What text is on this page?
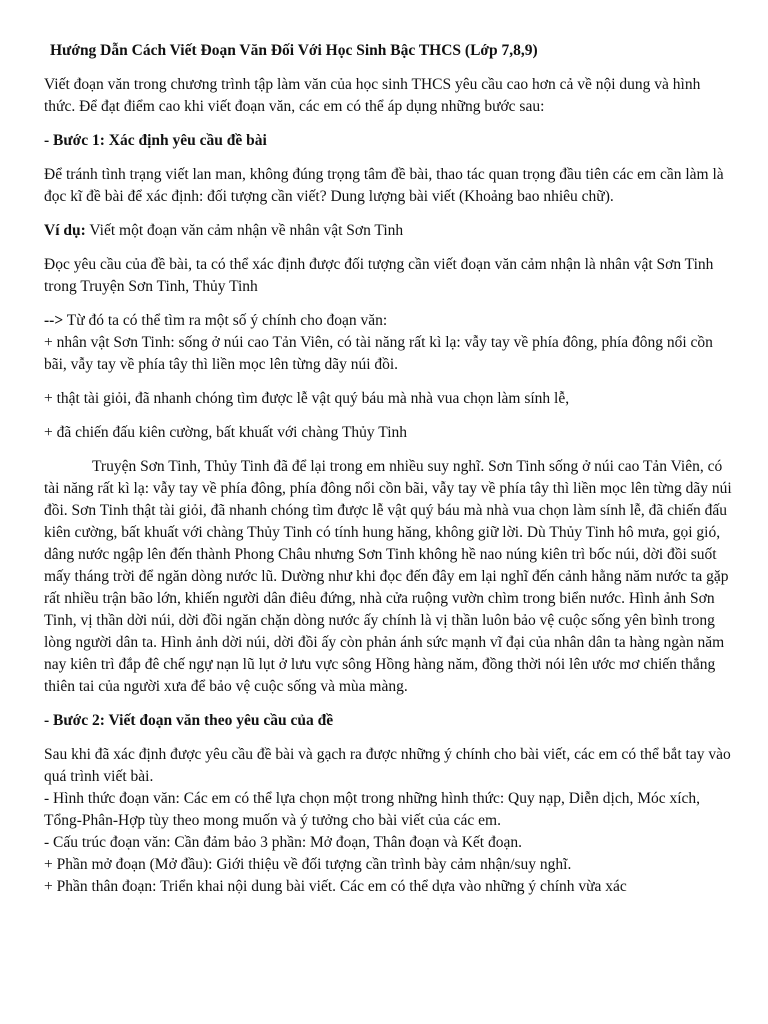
Hướng Dẫn Cách Viết Đoạn Văn Đối Với Học Sinh Bậc THCS (Lớp 7,8,9)

Viết đoạn văn trong chương trình tập làm văn của học sinh THCS yêu cầu cao hơn cả về nội dung và hình thức. Để đạt điểm cao khi viết đoạn văn, các em có thể áp dụng những bước sau:

- Bước 1: Xác định yêu cầu đề bài

Để tránh tình trạng viết lan man, không đúng trọng tâm đề bài, thao tác quan trọng đầu tiên các em cần làm là đọc kĩ đề bài để xác định: đối tượng cần viết? Dung lượng bài viết (Khoảng bao nhiêu chữ).

Ví dụ: Viết một đoạn văn cảm nhận về nhân vật Sơn Tinh

Đọc yêu cầu của đề bài, ta có thể xác định được đối tượng cần viết đoạn văn cảm nhận là nhân vật Sơn Tinh trong Truyện Sơn Tinh, Thủy Tinh

--> Từ đó ta có thể tìm ra một số ý chính cho đoạn văn:

+ nhân vật Sơn Tinh: sống ở núi cao Tản Viên, có tài năng rất kì lạ: vẫy tay về phía đông, phía đông nổi cồn bãi, vẫy tay về phía tây thì liền mọc lên từng dãy núi đồi.

+ thật tài giỏi, đã nhanh chóng tìm được lễ vật quý báu mà nhà vua chọn làm sính lễ,

+ đã chiến đấu kiên cường, bất khuất với chàng Thủy Tinh

Truyện Sơn Tinh, Thủy Tinh đã để lại trong em nhiều suy nghĩ. Sơn Tinh sống ở núi cao Tản Viên, có tài năng rất kì lạ: vẫy tay về phía đông, phía đông nổi cồn bãi, vẫy tay về phía tây thì liền mọc lên từng dãy núi đồi. Sơn Tinh thật tài giỏi, đã nhanh chóng tìm được lễ vật quý báu mà nhà vua chọn làm sính lễ, đã chiến đấu kiên cường, bất khuất với chàng Thủy Tinh có tính hung hăng, không giữ lời. Dù Thủy Tinh hô mưa, gọi gió, dâng nước ngập lên đến thành Phong Châu nhưng Sơn Tinh không hề nao núng kiên trì bốc núi, dời đồi suốt mấy tháng trời để ngăn dòng nước lũ. Dường như khi đọc đến đây em lại nghĩ đến cảnh hằng năm nước ta gặp rất nhiều trận bão lớn, khiến người dân điêu đứng, nhà cửa ruộng vườn chìm trong biển nước. Hình ảnh Sơn Tinh, vị thần dời núi, dời đồi ngăn chặn dòng nước ấy chính là vị thần luôn bảo vệ cuộc sống yên bình trong lòng người dân ta. Hình ảnh dời núi, dời đồi ấy còn phản ánh sức mạnh vĩ đại của nhân dân ta hàng ngàn năm nay kiên trì đắp đê chế ngự nạn lũ lụt ở lưu vực sông Hồng hàng năm, đồng thời nói lên ước mơ chiến thắng thiên tai của người xưa để bảo vệ cuộc sống và mùa màng.

- Bước 2: Viết đoạn văn theo yêu cầu của đề

Sau khi đã xác định được yêu cầu đề bài và gạch ra được những ý chính cho bài viết, các em có thể bắt tay vào quá trình viết bài.

- Hình thức đoạn văn: Các em có thể lựa chọn một trong những hình thức: Quy nạp, Diễn dịch, Móc xích, Tổng-Phân-Hợp tùy theo mong muốn và ý tưởng cho bài viết của các em.

- Cấu trúc đoạn văn: Cần đảm bảo 3 phần: Mở đoạn, Thân đoạn và Kết đoạn.

+ Phần mở đoạn (Mở đầu): Giới thiệu về đối tượng cần trình bày cảm nhận/suy nghĩ.

+ Phần thân đoạn: Triển khai nội dung bài viết. Các em có thể dựa vào những ý chính vừa xác
